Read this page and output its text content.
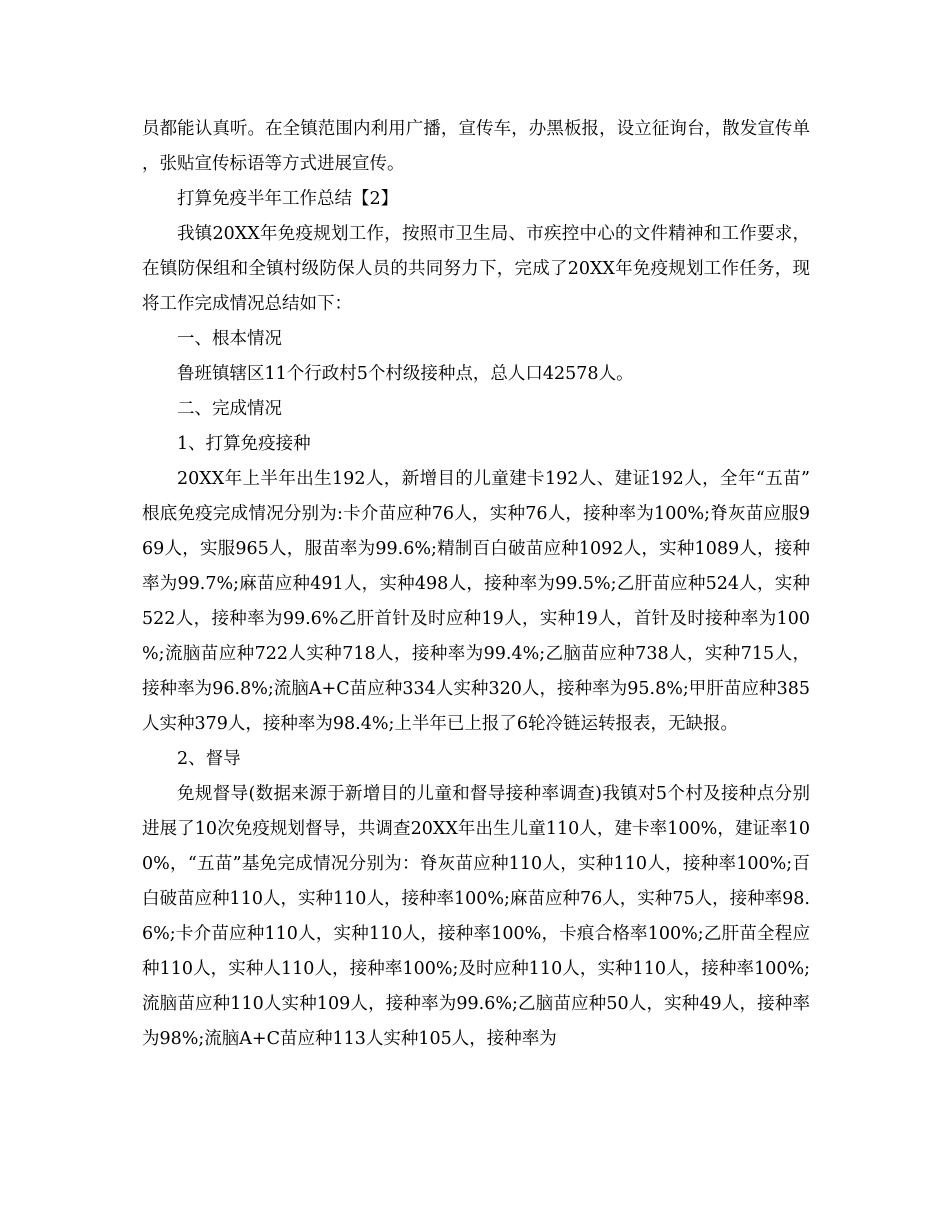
员都能认真听。在全镇范围内利用广播，宣传车，办黑板报，设立征询台，散发宣传单，张贴宣传标语等方式进展宣传。

打算免疫半年工作总结【2】

我镇20XX年免疫规划工作，按照市卫生局、市疾控中心的文件精神和工作要求，在镇防保组和全镇村级防保人员的共同努力下，完成了20XX年免疫规划工作任务，现将工作完成情况总结如下：

一、根本情况

鲁班镇辖区11个行政村5个村级接种点，总人口42578人。

二、完成情况

1、打算免疫接种

20XX年上半年出生192人，新增目的儿童建卡192人、建证192人，全年“五苗”根底免疫完成情况分别为:卡介苗应种76人，实种76人，接种率为100%;脊灰苗应服969人，实服965人，服苗率为99.6%;精制百白破苗应种1092人，实种1089人，接种率为99.7%;麻苗应种491人，实种498人，接种率为99.5%;乙肝苗应种524人，实种522人，接种率为99.6%乙肝首针及时应种19人，实种19人，首针及时接种率为100%;流脑苗应种722人实种718人，接种率为99.4%;乙脑苗应种738人，实种715人，接种率为96.8%;流脑A+C苗应种334人实种320人，接种率为95.8%;甲肝苗应种385人实种379人，接种率为98.4%;上半年已上报了6轮冷链运转报表，无缺报。

2、督导

免规督导(数据来源于新增目的儿童和督导接种率调查)我镇对5个村及接种点分别进展了10次免疫规划督导，共调查20XX年出生儿童110人，建卡率100%，建证率100%，“五苗”基免完成情况分别为：脊灰苗应种110人，实种110人，接种率100%;百白破苗应种110人，实种110人，接种率100%;麻苗应种76人，实种75人，接种率98.6%;卡介苗应种110人，实种110人，接种率100%，卡痕合格率100%;乙肝苗全程应种110人，实种人110人，接种率100%;及时应种110人，实种110人，接种率100%;流脑苗应种110人实种109人，接种率为99.6%;乙脑苗应种50人，实种49人，接种率为98%;流脑A+C苗应种113人实种105人，接种率为
